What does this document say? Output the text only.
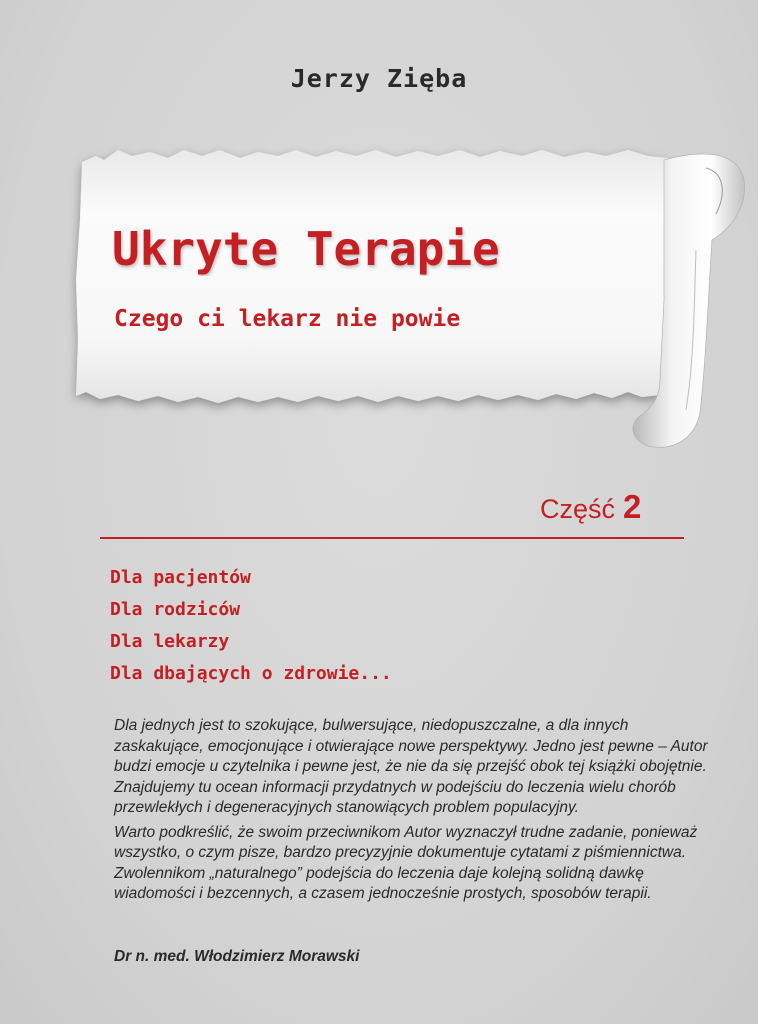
Jerzy Zięba
Ukryte Terapie
Czego ci lekarz nie powie
Część 2
Dla pacjentów
Dla rodziców
Dla lekarzy
Dla dbających o zdrowie...

Dla jednych jest to szokujące, bulwersujące, niedopuszczalne, a dla innych zaskakujące, emocjonujące i otwierające nowe perspektywy. Jedno jest pewne – Autor budzi emocje u czytelnika i pewne jest, że nie da się przejść obok tej książki obojętnie. Znajdujemy tu ocean informacji przydatnych w podejściu do leczenia wielu chorób przewlekłych i degeneracyjnych stanowiących problem populacyjny.

Warto podkreślić, że swoim przeciwnikom Autor wyznaczył trudne zadanie, ponieważ wszystko, o czym pisze, bardzo precyzyjnie dokumentuje cytatami z piśmiennictwa. Zwolennikom „naturalnego” podejścia do leczenia daje kolejną solidną dawkę wiadomości i bezcennych, a czasem jednocześnie prostych, sposobów terapii.

Dr n. med. Włodzimierz Morawski
